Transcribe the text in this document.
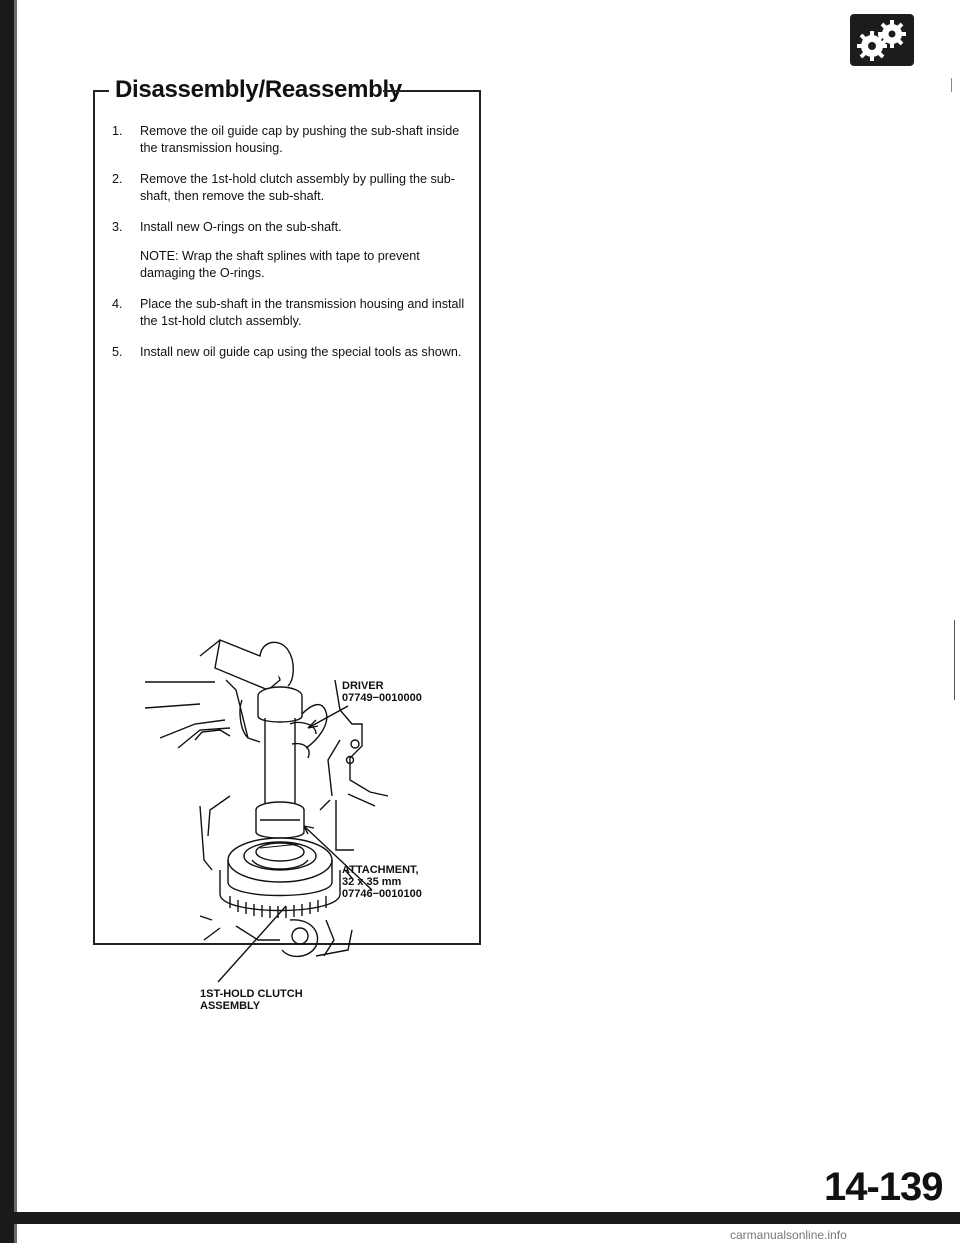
Disassembly/Reassembly
1. Remove the oil guide cap by pushing the sub-shaft inside the transmission housing.
2. Remove the 1st-hold clutch assembly by pulling the sub-shaft, then remove the sub-shaft.
3. Install new O-rings on the sub-shaft.
NOTE: Wrap the shaft splines with tape to prevent damaging the O-rings.
4. Place the sub-shaft in the transmission housing and install the 1st-hold clutch assembly.
5. Install new oil guide cap using the special tools as shown.
DRIVER
07749−0010000
ATTACHMENT,
32 x 35 mm
07746−0010100
1ST-HOLD CLUTCH
ASSEMBLY
14-139
carmanualsonline.info
